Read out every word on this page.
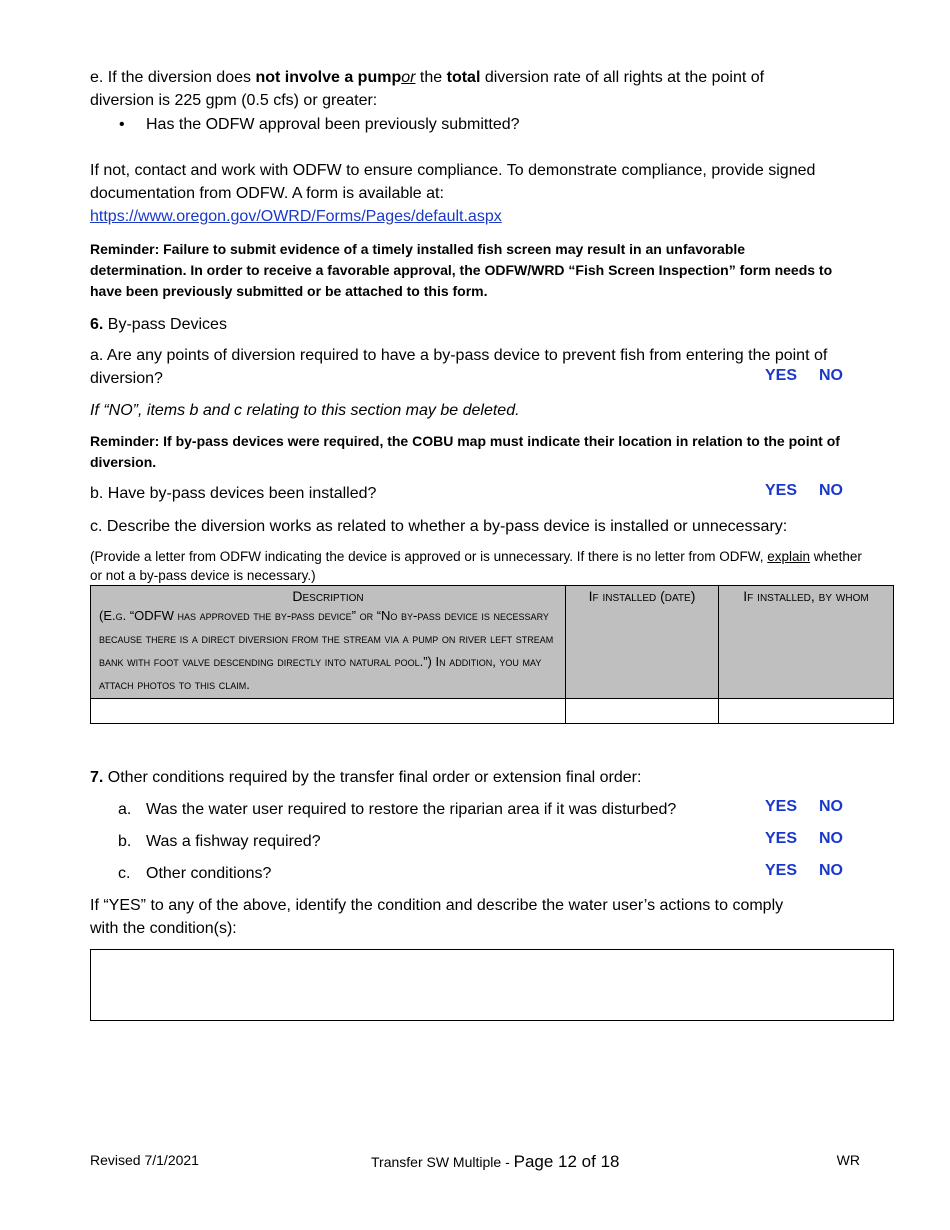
e. If the diversion does not involve a pumpor the total diversion rate of all rights at the point of diversion is 225 gpm (0.5 cfs) or greater:
• Has the ODFW approval been previously submitted?
If not, contact and work with ODFW to ensure compliance. To demonstrate compliance, provide signed documentation from ODFW. A form is available at:
https://www.oregon.gov/OWRD/Forms/Pages/default.aspx
Reminder: Failure to submit evidence of a timely installed fish screen may result in an unfavorable determination. In order to receive a favorable approval, the ODFW/WRD “Fish Screen Inspection” form needs to have been previously submitted or be attached to this form.
6. By-pass Devices
a. Are any points of diversion required to have a by-pass device to prevent fish from entering the point of diversion?	YES NO
If “NO”, items b and c relating to this section may be deleted.
Reminder: If by-pass devices were required, the COBU map must indicate their location in relation to the point of diversion.
b. Have by-pass devices been installed?	YES NO
c. Describe the diversion works as related to whether a by-pass device is installed or unnecessary:
(Provide a letter from ODFW indicating the device is approved or is unnecessary. If there is no letter from ODFW, explain whether or not a by-pass device is necessary.)
Description
(E.g. “ODFW has approved the by-pass device” or “No by-pass device is necessary because there is a direct diversion from the stream via a pump on river left stream bank with foot valve descending directly into natural pool.”) In addition, you may attach photos to this claim.	If installed (date)	If installed, by whom

7. Other conditions required by the transfer final order or extension final order:
a. Was the water user required to restore the riparian area if it was disturbed?	YES NO
b. Was a fishway required?	YES NO
c. Other conditions?	YES NO
If “YES” to any of the above, identify the condition and describe the water user’s actions to comply with the condition(s):
Revised 7/1/2021	Transfer SW Multiple - Page 12 of 18	WR
